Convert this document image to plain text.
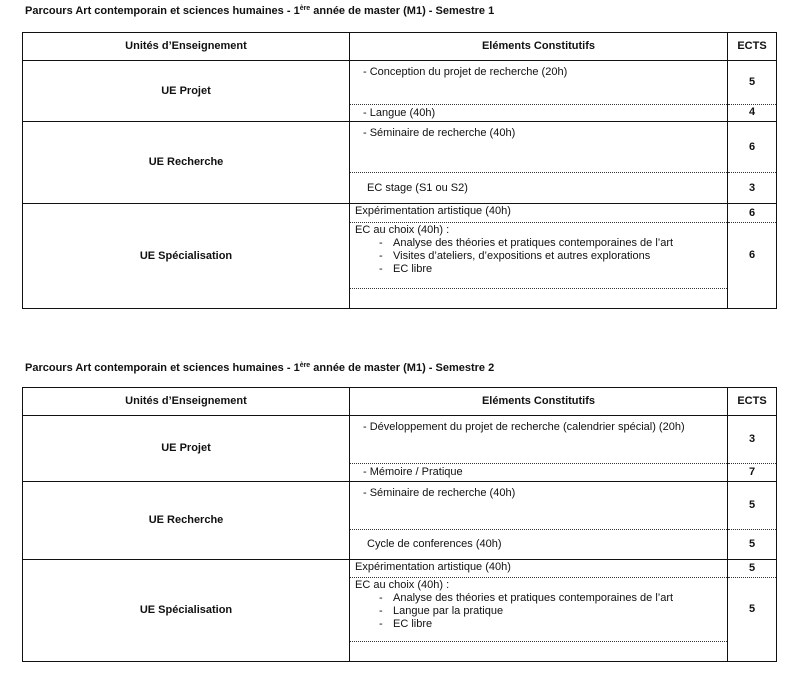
Parcours Art contemporain et sciences humaines - 1ère année de master (M1) - Semestre 1
Unités d’Enseignement	Eléments Constitutifs	ECTS
UE Projet	- Conception du projet de recherche (20h)	5
	- Langue (40h)	4
UE Recherche	- Séminaire de recherche (40h)	6
	EC stage (S1 ou S2)	3
UE Spécialisation	Expérimentation artistique (40h)	6

	EC au choix (40h) :
- Analyse des théories et pratiques contemporaines de l’art
- Visites d’ateliers, d’expositions et autres explorations
- EC libre	6

Parcours Art contemporain et sciences humaines - 1ère année de master (M1) - Semestre 2
Unités d’Enseignement	Eléments Constitutifs	ECTS
UE Projet	- Développement du projet de recherche (calendrier spécial) (20h)	3
	- Mémoire / Pratique	7
UE Recherche	- Séminaire de recherche (40h)	5
	Cycle de conferences (40h)	5
UE Spécialisation	Expérimentation artistique (40h)	5

	EC au choix (40h) :
- Analyse des théories et pratiques contemporaines de l’art
- Langue par la pratique
- EC libre	5
